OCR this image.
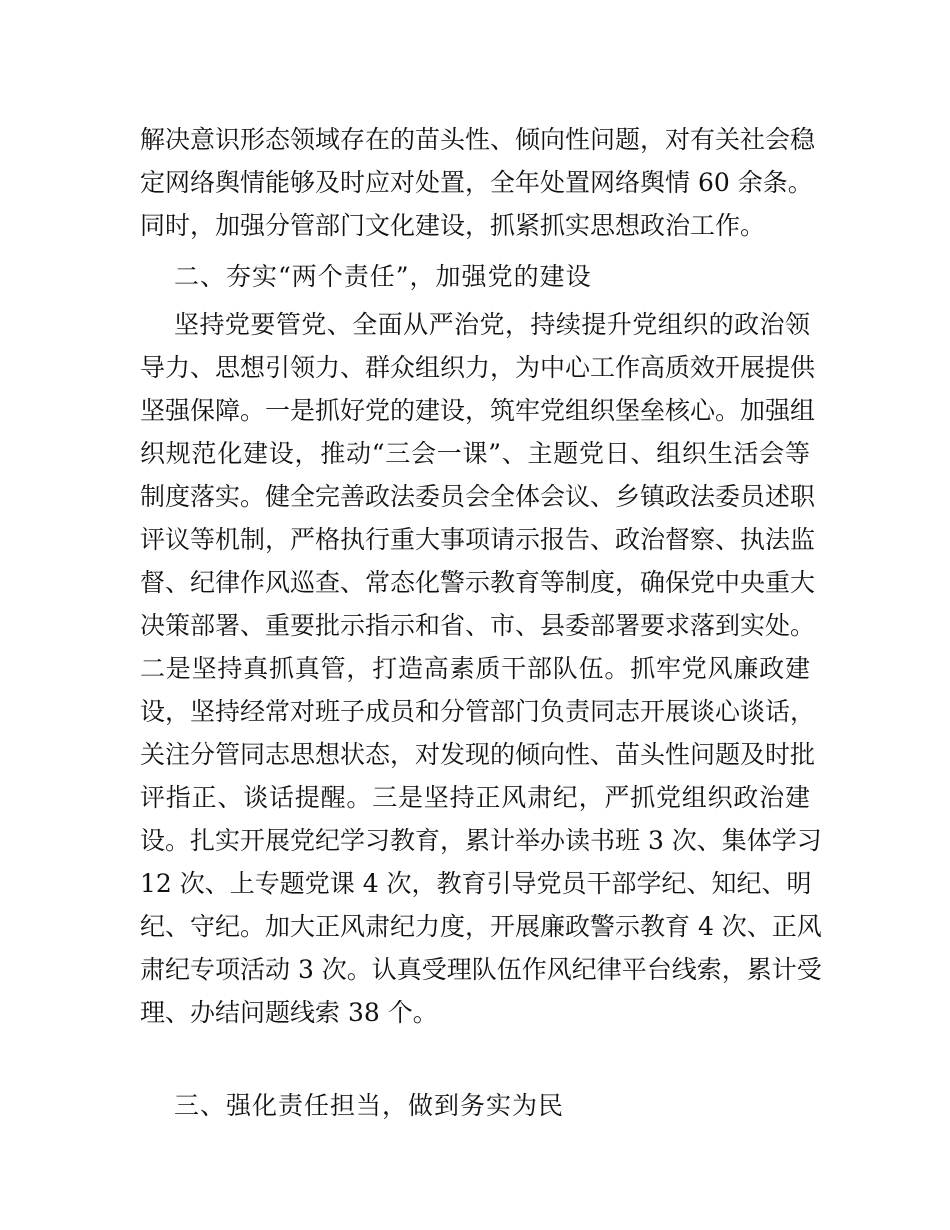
解决意识形态领域存在的苗头性、倾向性问题，对有关社会稳
定网络舆情能够及时应对处置，全年处置网络舆情 60 余条。
同时，加强分管部门文化建设，抓紧抓实思想政治工作。
二、夯实“两个责任”，加强党的建设
坚持党要管党、全面从严治党，持续提升党组织的政治领
导力、思想引领力、群众组织力，为中心工作高质效开展提供
坚强保障。一是抓好党的建设，筑牢党组织堡垒核心。加强组
织规范化建设，推动“三会一课”、主题党日、组织生活会等
制度落实。健全完善政法委员会全体会议、乡镇政法委员述职
评议等机制，严格执行重大事项请示报告、政治督察、执法监
督、纪律作风巡查、常态化警示教育等制度，确保党中央重大
决策部署、重要批示指示和省、市、县委部署要求落到实处。
二是坚持真抓真管，打造高素质干部队伍。抓牢党风廉政建
设，坚持经常对班子成员和分管部门负责同志开展谈心谈话，
关注分管同志思想状态，对发现的倾向性、苗头性问题及时批
评指正、谈话提醒。三是坚持正风肃纪，严抓党组织政治建
设。扎实开展党纪学习教育，累计举办读书班 3 次、集体学习
12 次、上专题党课 4 次，教育引导党员干部学纪、知纪、明
纪、守纪。加大正风肃纪力度，开展廉政警示教育 4 次、正风
肃纪专项活动 3 次。认真受理队伍作风纪律平台线索，累计受
理、办结问题线索 38 个。
三、强化责任担当，做到务实为民
